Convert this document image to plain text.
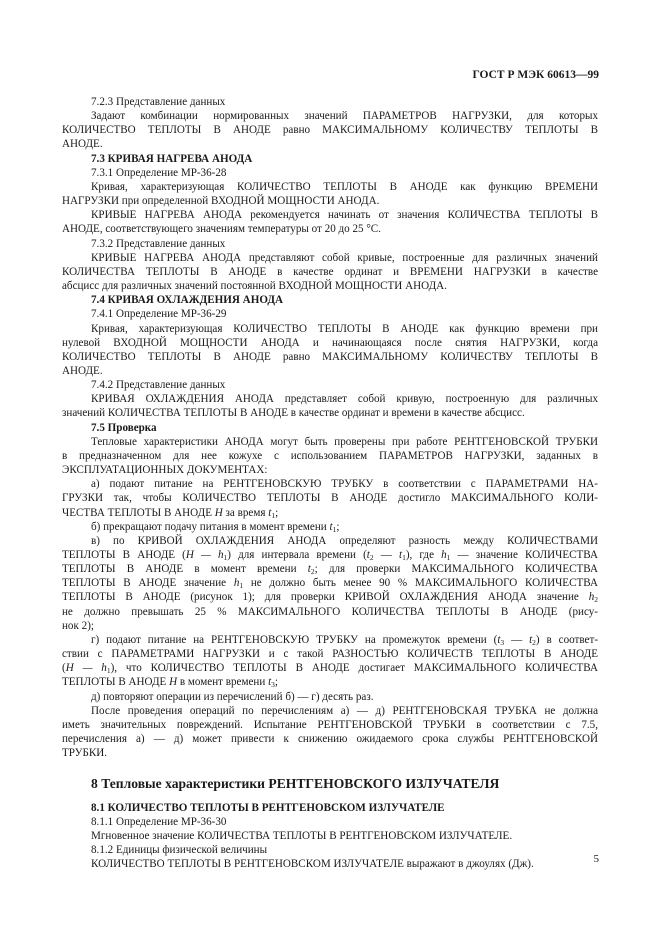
ГОСТ Р МЭК 60613—99
7.2.3 Представление данных
Задают комбинации нормированных значений ПАРАМЕТРОВ НАГРУЗКИ, для которых
КОЛИЧЕСТВО ТЕПЛОТЫ В АНОДЕ равно МАКСИМАЛЬНОМУ КОЛИЧЕСТВУ ТЕПЛОТЫ В
АНОДЕ.
7.3 КРИВАЯ НАГРЕВА АНОДА
7.3.1 Определение МР-36-28
Кривая, характеризующая КОЛИЧЕСТВО ТЕПЛОТЫ В АНОДЕ как функцию ВРЕМЕНИ
НАГРУЗКИ при определенной ВХОДНОЙ МОЩНОСТИ АНОДА.
КРИВЫЕ НАГРЕВА АНОДА рекомендуется начинать от значения КОЛИЧЕСТВА ТЕПЛОТЫ В
АНОДЕ, соответствующего значениям температуры от 20 до 25 °С.
7.3.2 Представление данных
КРИВЫЕ НАГРЕВА АНОДА представляют собой кривые, построенные для различных значений
КОЛИЧЕСТВА ТЕПЛОТЫ В АНОДЕ в качестве ординат и ВРЕМЕНИ НАГРУЗКИ в качестве
абсцисс для различных значений постоянной ВХОДНОЙ МОЩНОСТИ АНОДА.
7.4 КРИВАЯ ОХЛАЖДЕНИЯ АНОДА
7.4.1 Определение МР-36-29
Кривая, характеризующая КОЛИЧЕСТВО ТЕПЛОТЫ В АНОДЕ как функцию времени при
нулевой ВХОДНОЙ МОЩНОСТИ АНОДА и начинающаяся после снятия НАГРУЗКИ, когда
КОЛИЧЕСТВО ТЕПЛОТЫ В АНОДЕ равно МАКСИМАЛЬНОМУ КОЛИЧЕСТВУ ТЕПЛОТЫ В
АНОДЕ.
7.4.2 Представление данных
КРИВАЯ ОХЛАЖДЕНИЯ АНОДА представляет собой кривую, построенную для различных
значений КОЛИЧЕСТВА ТЕПЛОТЫ В АНОДЕ в качестве ординат и времени в качестве абсцисс.
7.5 Проверка
Тепловые характеристики АНОДА могут быть проверены при работе РЕНТГЕНОВСКОЙ ТРУБКИ
в предназначенном для нее кожухе с использованием ПАРАМЕТРОВ НАГРУЗКИ, заданных в
ЭКСПЛУАТАЦИОННЫХ ДОКУМЕНТАХ:
а) подают питание на РЕНТГЕНОВСКУЮ ТРУБКУ в соответствии с ПАРАМЕТРАМИ НА-
ГРУЗКИ так, чтобы КОЛИЧЕСТВО ТЕПЛОТЫ В АНОДЕ достигло МАКСИМАЛЬНОГО КОЛИ-
ЧЕСТВА ТЕПЛОТЫ В АНОДЕ Н за время $t_1$;
б) прекращают подачу питания в момент времени $t_1$;
в) по КРИВОЙ ОХЛАЖДЕНИЯ АНОДА определяют разность между КОЛИЧЕСТВАМИ
ТЕПЛОТЫ В АНОДЕ (Н — $h_1$) для интервала времени ($t_2$ — $t_1$), где $h_1$ — значение КОЛИЧЕСТВА
ТЕПЛОТЫ В АНОДЕ в момент времени $t_2$; для проверки МАКСИМАЛЬНОГО КОЛИЧЕСТВА
ТЕПЛОТЫ В АНОДЕ значение $h_1$ не должно быть менее 90 % МАКСИМАЛЬНОГО КОЛИЧЕСТВА
ТЕПЛОТЫ В АНОДЕ (рисунок 1); для проверки КРИВОЙ ОХЛАЖДЕНИЯ АНОДА значение $h_2$
не должно превышать 25 % МАКСИМАЛЬНОГО КОЛИЧЕСТВА ТЕПЛОТЫ В АНОДЕ (рису-
нок 2);
г) подают питание на РЕНТГЕНОВСКУЮ ТРУБКУ на промежуток времени ($t_3$ — $t_2$) в соответ-
ствии с ПАРАМЕТРАМИ НАГРУЗКИ и с такой РАЗНОСТЬЮ КОЛИЧЕСТВ ТЕПЛОТЫ В АНОДЕ
(Н — $h_1$), что КОЛИЧЕСТВО ТЕПЛОТЫ В АНОДЕ достигает МАКСИМАЛЬНОГО КОЛИЧЕСТВА
ТЕПЛОТЫ В АНОДЕ Н в момент времени $t_3$;
д) повторяют операции из перечислений б) — г) десять раз.
После проведения операций по перечислениям а) — д) РЕНТГЕНОВСКАЯ ТРУБКА не должна
иметь значительных повреждений. Испытание РЕНТГЕНОВСКОЙ ТРУБКИ в соответствии с 7.5,
перечисления а) — д) может привести к снижению ожидаемого срока службы РЕНТГЕНОВСКОЙ
ТРУБКИ.
8 Тепловые характеристики РЕНТГЕНОВСКОГО ИЗЛУЧАТЕЛЯ
8.1 КОЛИЧЕСТВО ТЕПЛОТЫ В РЕНТГЕНОВСКОМ ИЗЛУЧАТЕЛЕ
8.1.1 Определение МР-36-30
Мгновенное значение КОЛИЧЕСТВА ТЕПЛОТЫ В РЕНТГЕНОВСКОМ ИЗЛУЧАТЕЛЕ.
8.1.2 Единицы физической величины
КОЛИЧЕСТВО ТЕПЛОТЫ В РЕНТГЕНОВСКОМ ИЗЛУЧАТЕЛЕ выражают в джоулях (Дж).	5
